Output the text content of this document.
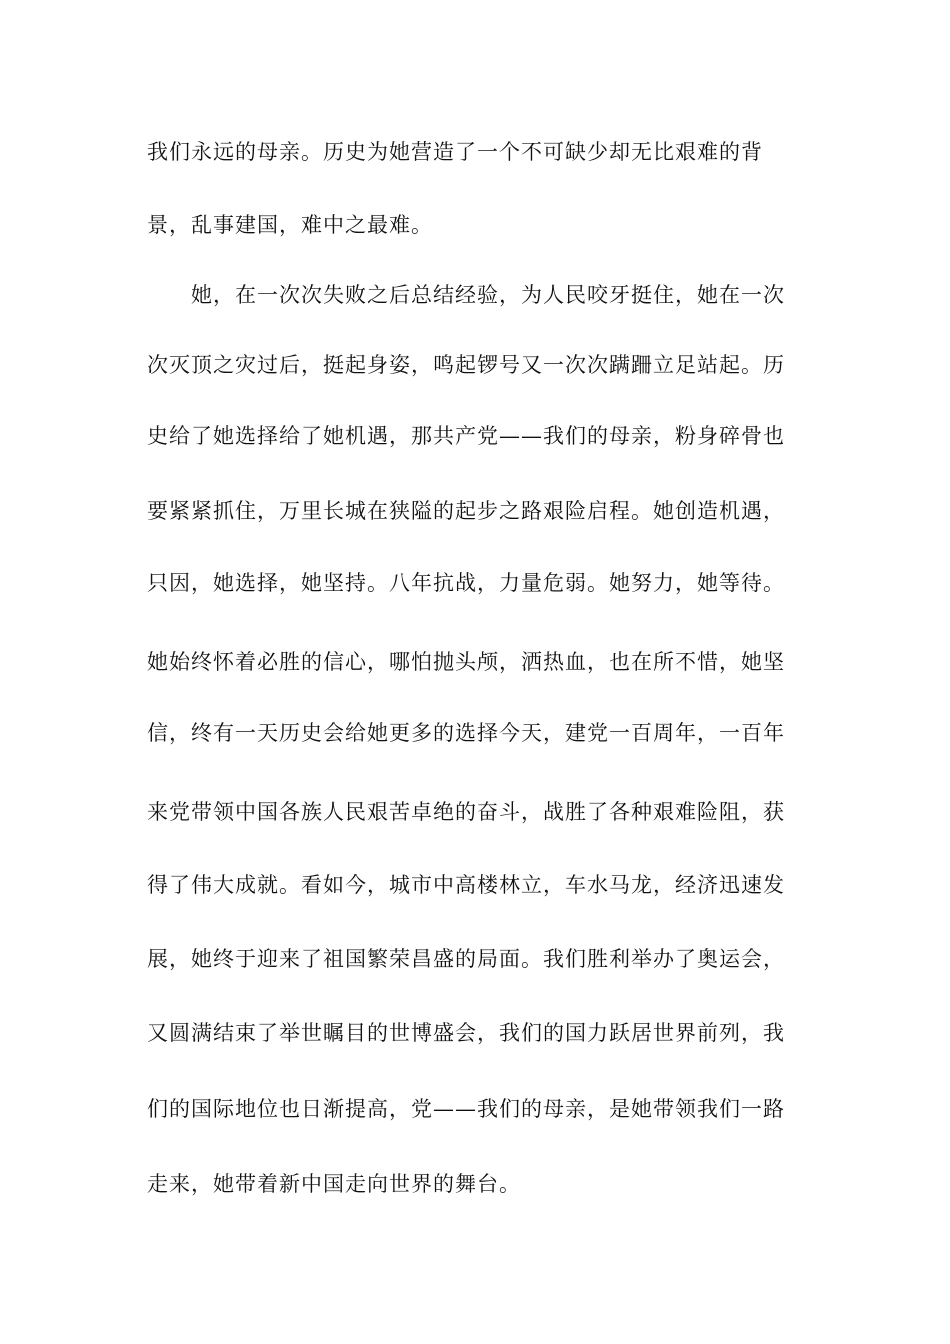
我们永远的母亲。历史为她营造了一个不可缺少却无比艰难的背
景，乱事建国，难中之最难。
　　她，在一次次失败之后总结经验，为人民咬牙挺住，她在一次
次灭顶之灾过后，挺起身姿，鸣起锣号又一次次蹒跚立足站起。历
史给了她选择给了她机遇，那共产党——我们的母亲，粉身碎骨也
要紧紧抓住，万里长城在狭隘的起步之路艰险启程。她创造机遇，
只因，她选择，她坚持。八年抗战，力量危弱。她努力，她等待。
她始终怀着必胜的信心，哪怕抛头颅，洒热血，也在所不惜，她坚
信，终有一天历史会给她更多的选择今天，建党一百周年，一百年
来党带领中国各族人民艰苦卓绝的奋斗，战胜了各种艰难险阻，获
得了伟大成就。看如今，城市中高楼林立，车水马龙，经济迅速发
展，她终于迎来了祖国繁荣昌盛的局面。我们胜利举办了奥运会，
又圆满结束了举世瞩目的世博盛会，我们的国力跃居世界前列，我
们的国际地位也日渐提高，党——我们的母亲，是她带领我们一路
走来，她带着新中国走向世界的舞台。
